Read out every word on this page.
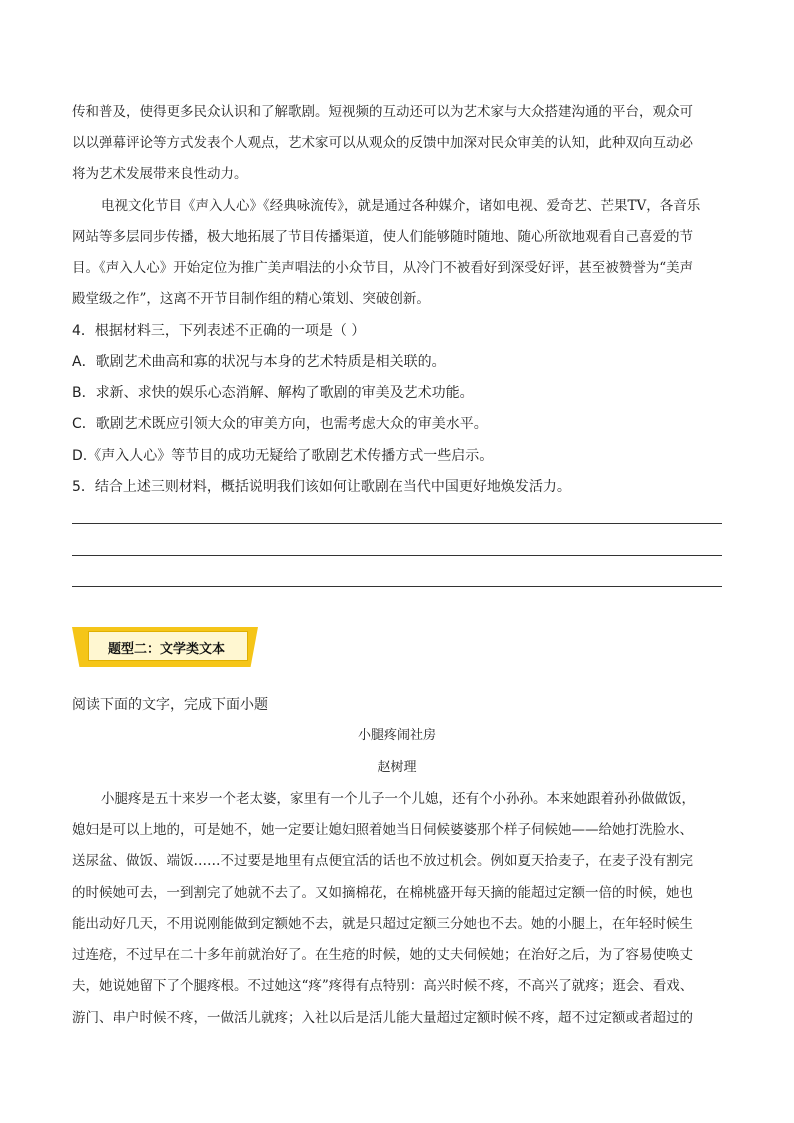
传和普及，使得更多民众认识和了解歌剧。短视频的互动还可以为艺术家与大众搭建沟通的平台，观众可
以以弹幕评论等方式发表个人观点，艺术家可以从观众的反馈中加深对民众审美的认知，此种双向互动必
将为艺术发展带来良性动力。
电视文化节目《声入人心》《经典咏流传》，就是通过各种媒介，诸如电视、爱奇艺、芒果TV，各音乐
网站等多层同步传播，极大地拓展了节目传播渠道，使人们能够随时随地、随心所欲地观看自己喜爱的节
目。《声入人心》开始定位为推广美声唱法的小众节目，从冷门不被看好到深受好评，甚至被赞誉为“美声
殿堂级之作”，这离不开节目制作组的精心策划、突破创新。
4．根据材料三，下列表述不正确的一项是（ ）
A．歌剧艺术曲高和寡的状况与本身的艺术特质是相关联的。
B．求新、求快的娱乐心态消解、解构了歌剧的审美及艺术功能。
C．歌剧艺术既应引领大众的审美方向，也需考虑大众的审美水平。
D.《声入人心》等节目的成功无疑给了歌剧艺术传播方式一些启示。
5．结合上述三则材料，概括说明我们该如何让歌剧在当代中国更好地焕发活力。
题型二：文学类文本
阅读下面的文字，完成下面小题
小腿疼闹社房
赵树理
小腿疼是五十来岁一个老太婆，家里有一个儿子一个儿媳，还有个小孙孙。本来她跟着孙孙做做饭，
媳妇是可以上地的，可是她不，她一定要让媳妇照着她当日伺候婆婆那个样子伺候她——给她打洗脸水、
送尿盆、做饭、端饭……不过要是地里有点便宜活的话也不放过机会。例如夏天拾麦子，在麦子没有割完
的时候她可去，一到割完了她就不去了。又如摘棉花，在棉桃盛开每天摘的能超过定额一倍的时候，她也
能出动好几天，不用说刚能做到定额她不去，就是只超过定额三分她也不去。她的小腿上，在年轻时候生
过连疮，不过早在二十多年前就治好了。在生疮的时候，她的丈夫伺候她；在治好之后，为了容易使唤丈
夫，她说她留下了个腿疼根。不过她这“疼”疼得有点特别：高兴时候不疼，不高兴了就疼；逛会、看戏、
游门、串户时候不疼，一做活儿就疼；入社以后是活儿能大量超过定额时候不疼，超不过定额或者超过的
